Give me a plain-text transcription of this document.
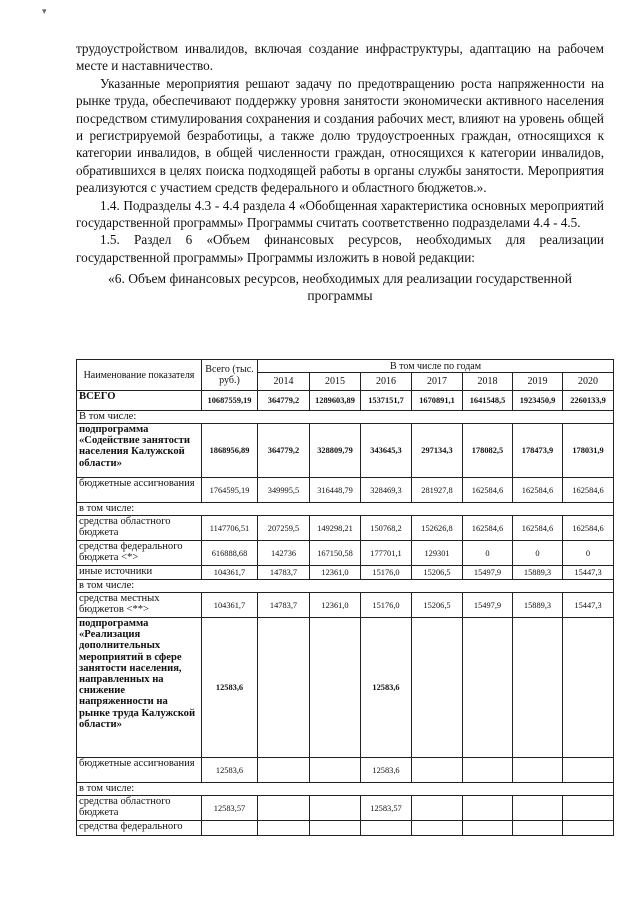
▾

трудоустройством инвалидов, включая создание инфраструктуры, адаптацию на рабочем месте и наставничество.

Указанные мероприятия решают задачу по предотвращению роста напряженности на рынке труда, обеспечивают поддержку уровня занятости экономически активного населения посредством стимулирования сохранения и создания рабочих мест, влияют на уровень общей и регистрируемой безработицы, а также долю трудоустроенных граждан, относящихся к категории инвалидов, в общей численности граждан, относящихся к категории инвалидов, обратившихся в целях поиска подходящей работы в органы службы занятости. Мероприятия реализуются с участием средств федерального и областного бюджетов.».

1.4. Подразделы 4.3 - 4.4 раздела 4 «Обобщенная характеристика основных мероприятий государственной программы» Программы считать соответственно подразделами 4.4 - 4.5.

1.5. Раздел 6 «Объем финансовых ресурсов, необходимых для реализации государственной программы» Программы изложить в новой редакции:

«6. Объем финансовых ресурсов, необходимых для реализации государственной программы

Наименование показателя	Всего (тыс. руб.)	В том числе по годам						
		2014	2015	2016	2017	2018	2019	2020
ВСЕГО	10687559,19	364779,2	1289603,89	1537151,7	1670891,1	1641548,5	1923450,9	2260133,9
В том числе:								
подпрограмма «Содействие занятости населения Калужской области»	1868956,89	364779,2	328809,79	343645,3	297134,3	178082,5	178473,9	178031,9
бюджетные ассигнования	1764595,19	349995,5	316448,79	328469,3	281927,8	162584,6	162584,6	162584,6
в том числе:								
средства областного бюджета	1147706,51	207259,5	149298,21	150768,2	152626,8	162584,6	162584,6	162584,6
средства федерального бюджета <*>	616888,68	142736	167150,58	177701,1	129301	0	0	0
иные источники	104361,7	14783,7	12361,0	15176,0	15206,5	15497,9	15889,3	15447,3
в том числе:								
средства местных бюджетов <**>	104361,7	14783,7	12361,0	15176,0	15206,5	15497,9	15889,3	15447,3
подпрограмма «Реализация дополнительных мероприятий в сфере занятости населения, направленных на снижение напряженности на рынке труда Калужской области»	12583,6			12583,6				
бюджетные ассигнования	12583,6			12583,6				
в том числе:								
средства областного бюджета	12583,57			12583,57				
средства федерального								
